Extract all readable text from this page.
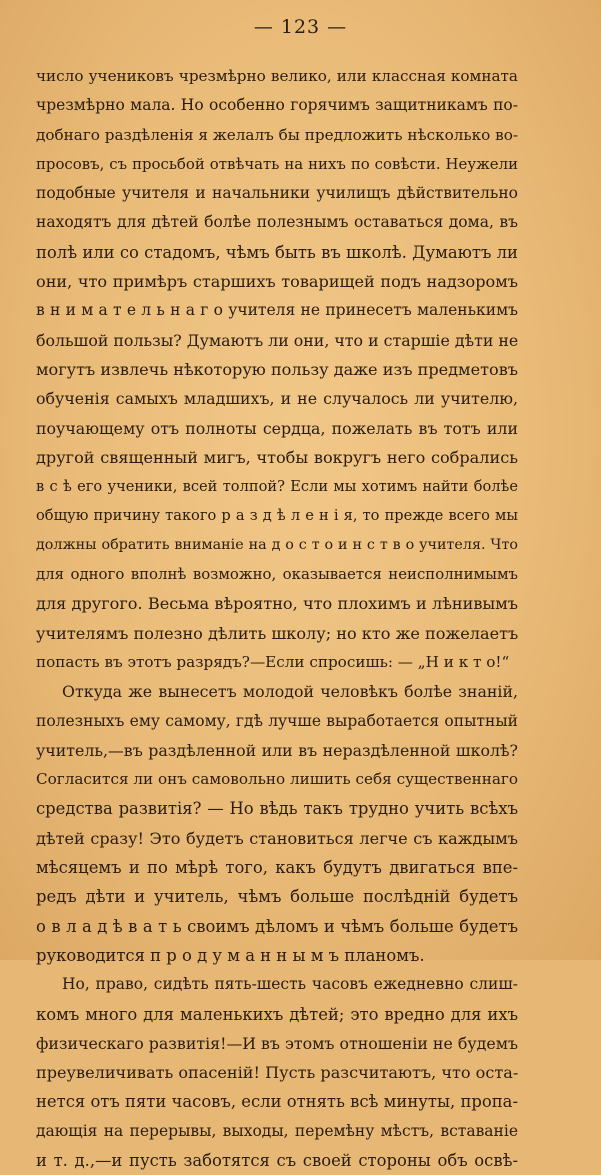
— 123 —
число учениковъ чрезмѣрно велико, или классная комната
чрезмѣрно мала. Но особенно горячимъ защитникамъ по-
добнаго раздѣленія я желалъ бы предложить нѣсколько во-
просовъ, съ просьбой отвѣчать на нихъ по совѣсти. Неужели
подобные учителя и начальники училищъ дѣйствительно
находятъ для дѣтей болѣе полезнымъ оставаться дома, въ
полѣ или со стадомъ, чѣмъ быть въ школѣ. Думаютъ ли
они, что примѣръ старшихъ товарищей подъ надзоромъ
в н и м а т е л ь н а г о учителя не принесетъ маленькимъ
большой пользы? Думаютъ ли они, что и старшіе дѣти не
могутъ извлечь нѣкоторую пользу даже изъ предметовъ
обученія самыхъ младшихъ, и не случалось ли учителю,
поучающему отъ полноты сердца, пожелать въ тотъ или
другой священный мигъ, чтобы вокругъ него собрались
в с ѣ его ученики, всей толпой? Если мы хотимъ найти болѣе
общую причину такого р а з д ѣ л е н і я, то прежде всего мы
должны обратить вниманіе на д о с т о и н с т в о учителя. Что
для одного вполнѣ возможно, оказывается неисполнимымъ
для другого. Весьма вѣроятно, что плохимъ и лѣнивымъ
учителямъ полезно дѣлить школу; но кто же пожелаетъ
попасть въ этотъ разрядъ?—Если спросишь: — „Н и к т о!“
Откуда же вынесетъ молодой человѣкъ болѣе знаній,
полезныхъ ему самому, гдѣ лучше выработается опытный
учитель,—въ раздѣленной или въ нераздѣленной школѣ?
Согласится ли онъ самовольно лишить себя существеннаго
средства развитія? — Но вѣдь такъ трудно учить всѣхъ
дѣтей сразу! Это будетъ становиться легче съ каждымъ
мѣсяцемъ и по мѣрѣ того, какъ будутъ двигаться впе-
редъ дѣти и учитель, чѣмъ больше послѣдній будетъ
о в л а д ѣ в а т ь своимъ дѣломъ и чѣмъ больше будетъ
руководится п р о д у м а н н ы м ъ планомъ.
Но, право, сидѣть пять-шесть часовъ ежедневно слиш-
комъ много для маленькихъ дѣтей; это вредно для ихъ
физическаго развитія!—И въ этомъ отношеніи не будемъ
преувеличивать опасеній! Пусть разсчитаютъ, что оста-
нется отъ пяти часовъ, если отнять всѣ минуты, пропа-
дающія на перерывы, выходы, перемѣну мѣстъ, вставаніе
и т. д.,—и пусть заботятся съ своей стороны объ освѣ-
